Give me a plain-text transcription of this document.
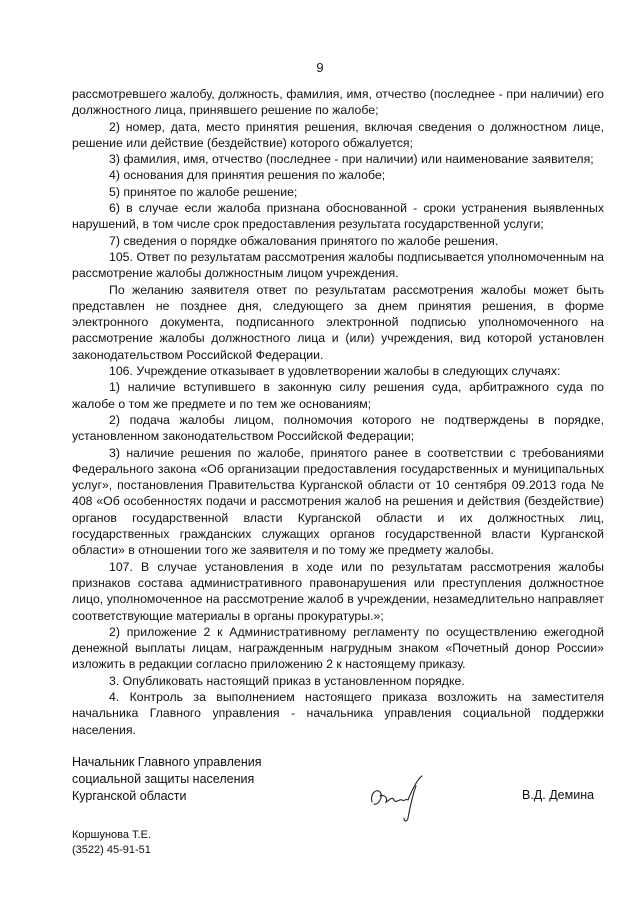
9

рассмотревшего жалобу, должность, фамилия, имя, отчество (последнее - при наличии) его должностного лица, принявшего решение по жалобе;

2) номер, дата, место принятия решения, включая сведения о должностном лице, решение или действие (бездействие) которого обжалуется;

3) фамилия, имя, отчество (последнее - при наличии) или наименование заявителя;

4) основания для принятия решения по жалобе;

5) принятое по жалобе решение;

6) в случае если жалоба признана обоснованной - сроки устранения выявленных нарушений, в том числе срок предоставления результата государственной услуги;

7) сведения о порядке обжалования принятого по жалобе решения.

105. Ответ по результатам рассмотрения жалобы подписывается уполномоченным на рассмотрение жалобы должностным лицом учреждения.

По желанию заявителя ответ по результатам рассмотрения жалобы может быть представлен не позднее дня, следующего за днем принятия решения, в форме электронного документа, подписанного электронной подписью уполномоченного на рассмотрение жалобы должностного лица и (или) учреждения, вид которой установлен законодательством Российской Федерации.

106. Учреждение отказывает в удовлетворении жалобы в следующих случаях:

1) наличие вступившего в законную силу решения суда, арбитражного суда по жалобе о том же предмете и по тем же основаниям;

2) подача жалобы лицом, полномочия которого не подтверждены в порядке, установленном законодательством Российской Федерации;

3) наличие решения по жалобе, принятого ранее в соответствии с требованиями Федерального закона «Об организации предоставления государственных и муниципальных услуг», постановления Правительства Курганской области от 10 сентября 09.2013 года № 408 «Об особенностях подачи и рассмотрения жалоб на решения и действия (бездействие) органов государственной власти Курганской области и их должностных лиц, государственных гражданских служащих органов государственной власти Курганской области» в отношении того же заявителя и по тому же предмету жалобы.

107. В случае установления в ходе или по результатам рассмотрения жалобы признаков состава административного правонарушения или преступления должностное лицо, уполномоченное на рассмотрение жалоб в учреждении, незамедлительно направляет соответствующие материалы в органы прокуратуры.»;

2) приложение 2 к Административному регламенту по осуществлению ежегодной денежной выплаты лицам, награжденным нагрудным знаком «Почетный донор России» изложить в редакции согласно приложению 2 к настоящему приказу.

3. Опубликовать настоящий приказ в установленном порядке.

4. Контроль за выполнением настоящего приказа возложить на заместителя начальника Главного управления - начальника управления социальной поддержки населения.

Начальник Главного управления
социальной защиты населения
Курганской области	В.Д. Демина
Коршунова Т.Е.
(3522) 45-91-51
